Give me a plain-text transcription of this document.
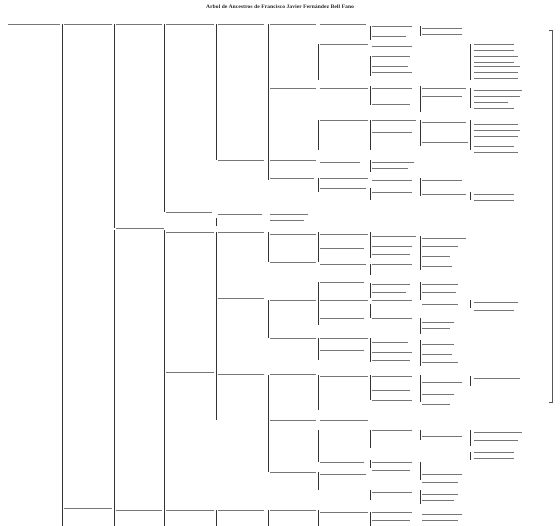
Arbol de Ancestros de Francisco Javier Fernández Bell Fano
